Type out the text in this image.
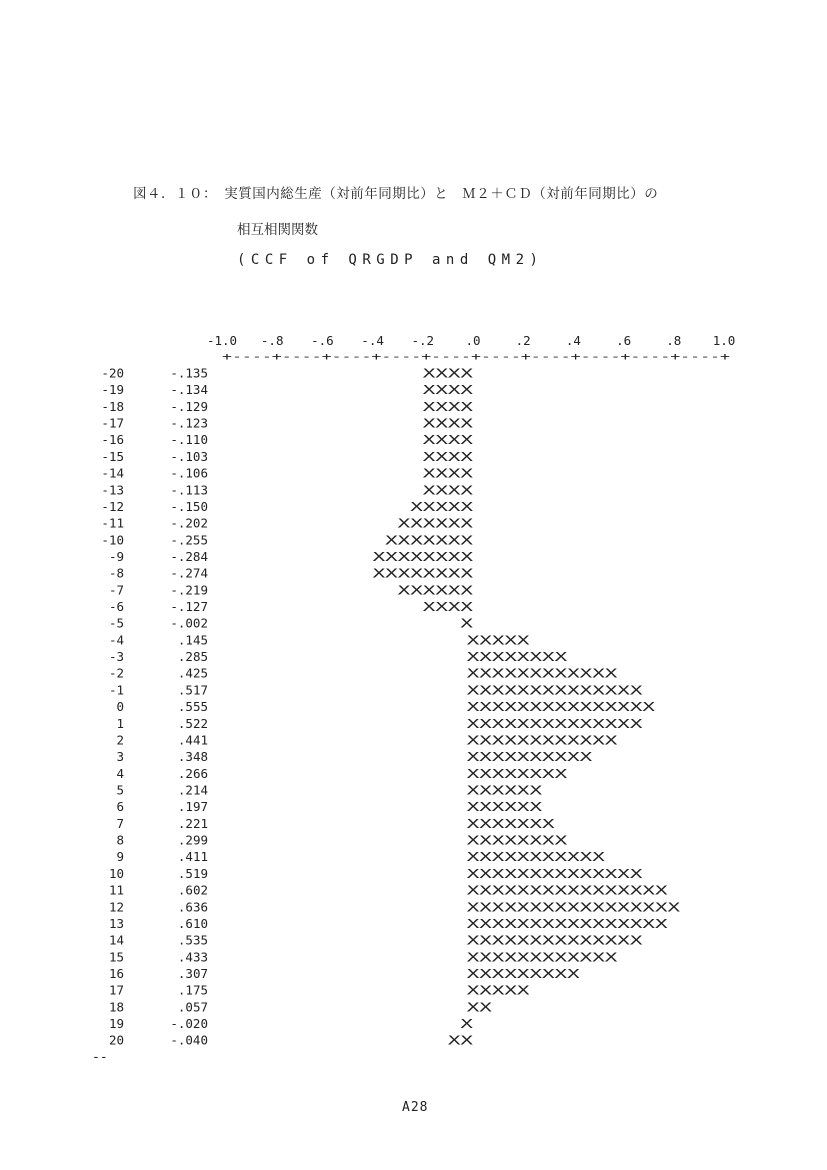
図４．１０：　実質国内総生産（対前年同期比）と　Ｍ２＋ＣＤ（対前年同期比）の
相互相関関数
(CCF of QRGDP and QM2)
-1.0 -.8 -.6 -.4 -.2	.0	.2	.4	.6	.8	1.0
+----+----+----+----+----+----+----+----+----+----+
-20	-.135	XXXX
-19	-.134	XXXX
-18	-.129	XXXX
-17	-.123	XXXX
-16	-.110	XXXX
-15	-.103	XXXX
-14	-.106	XXXX
-13	-.113	XXXX
-12	-.150	XXXXX
-11	-.202	XXXXXX
-10	-.255	XXXXXXX
-9	-.284	XXXXXXXX
-8	-.274	XXXXXXXX
-7	-.219	XXXXXX
-6	-.127	XXXX
-5	-.002	X
-4	.145	XXXXX
-3	.285	XXXXXXXX
-2	.425	XXXXXXXXXXXX
-1	.517	XXXXXXXXXXXXXX
0	.555	XXXXXXXXXXXXXXX
1	.522	XXXXXXXXXXXXXX
2	.441	XXXXXXXXXXXX
3	.348	XXXXXXXXXX
4	.266	XXXXXXXX
5	.214	XXXXXX
6	.197	XXXXXX
7	.221	XXXXXXX
8	.299	XXXXXXXX
9	.411	XXXXXXXXXXX
10	.519	XXXXXXXXXXXXXX
11	.602	XXXXXXXXXXXXXXXX
12	.636	XXXXXXXXXXXXXXXXX
13	.610	XXXXXXXXXXXXXXXX
14	.535	XXXXXXXXXXXXXX
15	.433	XXXXXXXXXXXX
16	.307	XXXXXXXXX
17	.175	XXXXX
18	.057	XX
19	-.020	X
20	-.040	XX
--
A28
